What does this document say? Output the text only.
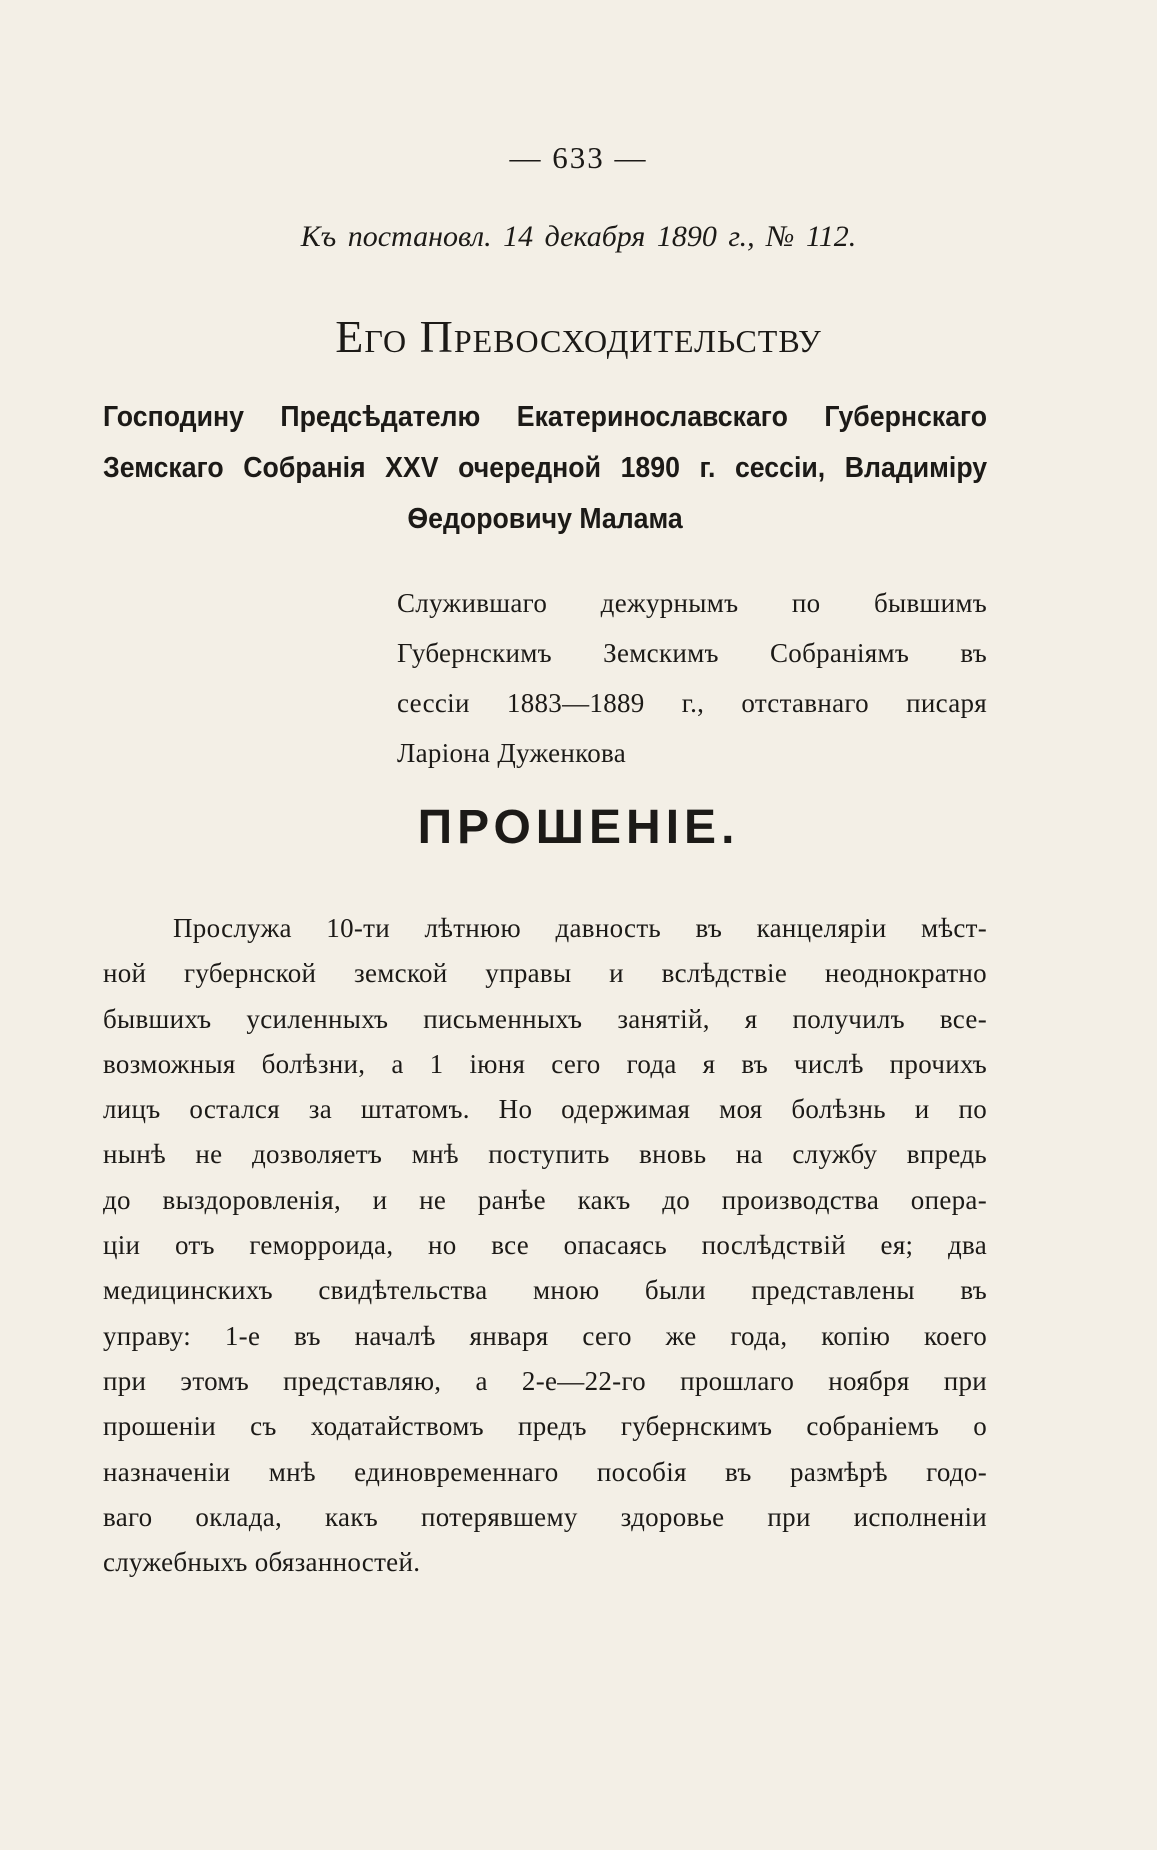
— 633 —
Къ постановл. 14 декабря 1890 г., № 112.
Его Превосходительству
Господину Предсѣдателю Екатеринославскаго Губернскаго Земскаго Собранія XXV очередной 1890 г. сессіи, Владиміру Ѳедоровичу Малама
Служившаго дежурнымъ по бывшимъ
Губернскимъ Земскимъ Собраніямъ въ
сессіи 1883—1889 г., отставнаго писаря
Ларіона Дуженкова
ПРОШЕНІЕ.
Прослужа 10-ти лѣтнюю давность въ канцеляріи мѣст-
ной губернской земской управы и вслѣдствіе неоднократно
бывшихъ усиленныхъ письменныхъ занятій, я получилъ все-
возможныя болѣзни, а 1 іюня сего года я въ числѣ прочихъ
лицъ остался за штатомъ. Но одержимая моя болѣзнь и по
нынѣ не дозволяетъ мнѣ поступить вновь на службу впредь
до выздоровленія, и не ранѣе какъ до производства опера-
ціи отъ геморроида, но все опасаясь послѣдствій ея; два
медицинскихъ свидѣтельства мною были представлены въ
управу: 1-е въ началѣ января сего же года, копію коего
при этомъ представляю, а 2-е—22-го прошлаго ноября при
прошеніи съ ходатайствомъ предъ губернскимъ собраніемъ о
назначеніи мнѣ единовременнаго пособія въ размѣрѣ годо-
ваго оклада, какъ потерявшему здоровье при исполненіи
служебныхъ обязанностей.
